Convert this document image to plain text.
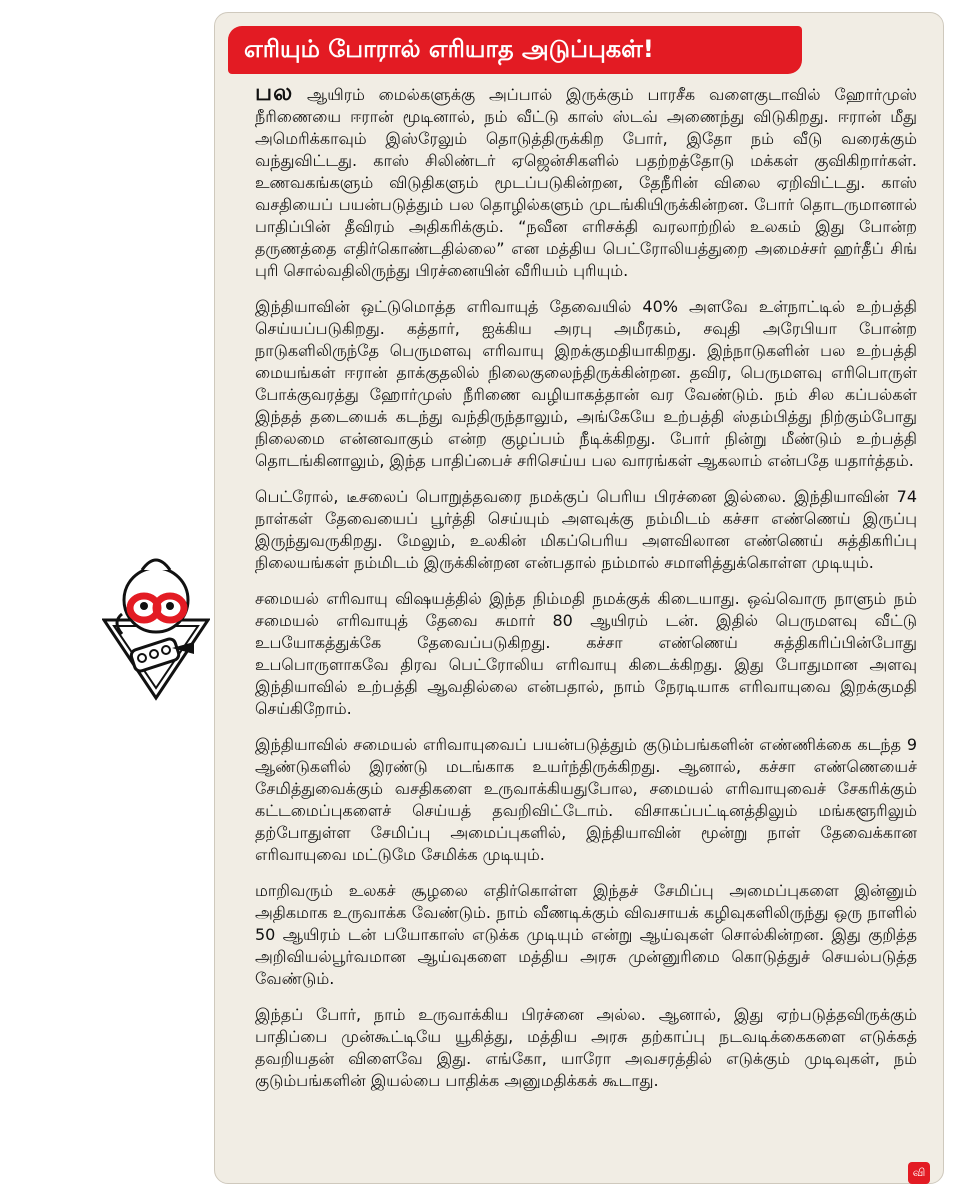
எரியும் போரால் எரியாத அடுப்புகள்!

பல ஆயிரம் மைல்களுக்கு அப்பால் இருக்கும் பாரசீக வளைகுடாவில் ஹோர்முஸ் நீரிணையை ஈரான் மூடினால், நம் வீட்டு காஸ் ஸ்டவ் அணைந்து விடுகிறது. ஈரான் மீது அமெரிக்காவும் இஸ்ரேலும் தொடுத்திருக்கிற போர், இதோ நம் வீடு வரைக்கும் வந்துவிட்டது. காஸ் சிலிண்டர் ஏஜென்சிகளில் பதற்றத்தோடு மக்கள் குவிகிறார்கள். உணவகங்களும் விடுதிகளும் மூடப்படுகின்றன, தேநீரின் விலை ஏறிவிட்டது. காஸ் வசதியைப் பயன்படுத்தும் பல தொழில்களும் முடங்கியிருக்கின்றன. போர் தொடருமானால் பாதிப்பின் தீவிரம் அதிகரிக்கும். “நவீன எரிசக்தி வரலாற்றில் உலகம் இது போன்ற தருணத்தை எதிர்கொண்டதில்லை” என மத்திய பெட்ரோலியத்துறை அமைச்சர் ஹர்தீப் சிங் புரி சொல்வதிலிருந்து பிரச்னையின் வீரியம் புரியும்.

இந்தியாவின் ஒட்டுமொத்த எரிவாயுத் தேவையில் 40% அளவே உள்நாட்டில் உற்பத்தி செய்யப்படுகிறது. கத்தார், ஐக்கிய அரபு அமீரகம், சவுதி அரேபியா போன்ற நாடுகளிலிருந்தே பெருமளவு எரிவாயு இறக்குமதியாகிறது. இந்நாடுகளின் பல உற்பத்தி மையங்கள் ஈரான் தாக்குதலில் நிலைகுலைந்திருக்கின்றன. தவிர, பெருமளவு எரிபொருள் போக்குவரத்து ஹோர்முஸ் நீரிணை வழியாகத்தான் வர வேண்டும். நம் சில கப்பல்கள் இந்தத் தடையைக் கடந்து வந்திருந்தாலும், அங்கேயே உற்பத்தி ஸ்தம்பித்து நிற்கும்போது நிலைமை என்னவாகும் என்ற குழப்பம் நீடிக்கிறது. போர் நின்று மீண்டும் உற்பத்தி தொடங்கினாலும், இந்த பாதிப்பைச் சரிசெய்ய பல வாரங்கள் ஆகலாம் என்பதே யதார்த்தம்.

பெட்ரோல், டீசலைப் பொறுத்தவரை நமக்குப் பெரிய பிரச்னை இல்லை. இந்தியாவின் 74 நாள்கள் தேவையைப் பூர்த்தி செய்யும் அளவுக்கு நம்மிடம் கச்சா எண்ணெய் இருப்பு இருந்துவருகிறது. மேலும், உலகின் மிகப்பெரிய அளவிலான எண்ணெய் சுத்திகரிப்பு நிலையங்கள் நம்மிடம் இருக்கின்றன என்பதால் நம்மால் சமாளித்துக்கொள்ள முடியும்.

சமையல் எரிவாயு விஷயத்தில் இந்த நிம்மதி நமக்குக் கிடையாது. ஒவ்வொரு நாளும் நம் சமையல் எரிவாயுத் தேவை சுமார் 80 ஆயிரம் டன். இதில் பெருமளவு வீட்டு உபயோகத்துக்கே தேவைப்படுகிறது. கச்சா எண்ணெய் சுத்திகரிப்பின்போது உபபொருளாகவே திரவ பெட்ரோலிய எரிவாயு கிடைக்கிறது. இது போதுமான அளவு இந்தியாவில் உற்பத்தி ஆவதில்லை என்பதால், நாம் நேரடியாக எரிவாயுவை இறக்குமதி செய்கிறோம்.

இந்தியாவில் சமையல் எரிவாயுவைப் பயன்படுத்தும் குடும்பங்களின் எண்ணிக்கை கடந்த 9 ஆண்டுகளில் இரண்டு மடங்காக உயர்ந்திருக்கிறது. ஆனால், கச்சா எண்ணெயைச் சேமித்துவைக்கும் வசதிகளை உருவாக்கியதுபோல, சமையல் எரிவாயுவைச் சேகரிக்கும் கட்டமைப்புகளைச் செய்யத் தவறிவிட்டோம். விசாகப்பட்டினத்திலும் மங்களூரிலும் தற்போதுள்ள சேமிப்பு அமைப்புகளில், இந்தியாவின் மூன்று நாள் தேவைக்கான எரிவாயுவை மட்டுமே சேமிக்க முடியும்.

மாறிவரும் உலகச் சூழலை எதிர்கொள்ள இந்தச் சேமிப்பு அமைப்புகளை இன்னும் அதிகமாக உருவாக்க வேண்டும். நாம் வீணடிக்கும் விவசாயக் கழிவுகளிலிருந்து ஒரு நாளில் 50 ஆயிரம் டன் பயோகாஸ் எடுக்க முடியும் என்று ஆய்வுகள் சொல்கின்றன. இது குறித்த அறிவியல்பூர்வமான ஆய்வுகளை மத்திய அரசு முன்னுரிமை கொடுத்துச் செயல்படுத்த வேண்டும்.

இந்தப் போர், நாம் உருவாக்கிய பிரச்னை அல்ல. ஆனால், இது ஏற்படுத்தவிருக்கும் பாதிப்பை முன்கூட்டியே யூகித்து, மத்திய அரசு தற்காப்பு நடவடிக்கைகளை எடுக்கத் தவறியதன் விளைவே இது. எங்கோ, யாரோ அவசரத்தில் எடுக்கும் முடிவுகள், நம் குடும்பங்களின் இயல்பை பாதிக்க அனுமதிக்கக் கூடாது.

வி
